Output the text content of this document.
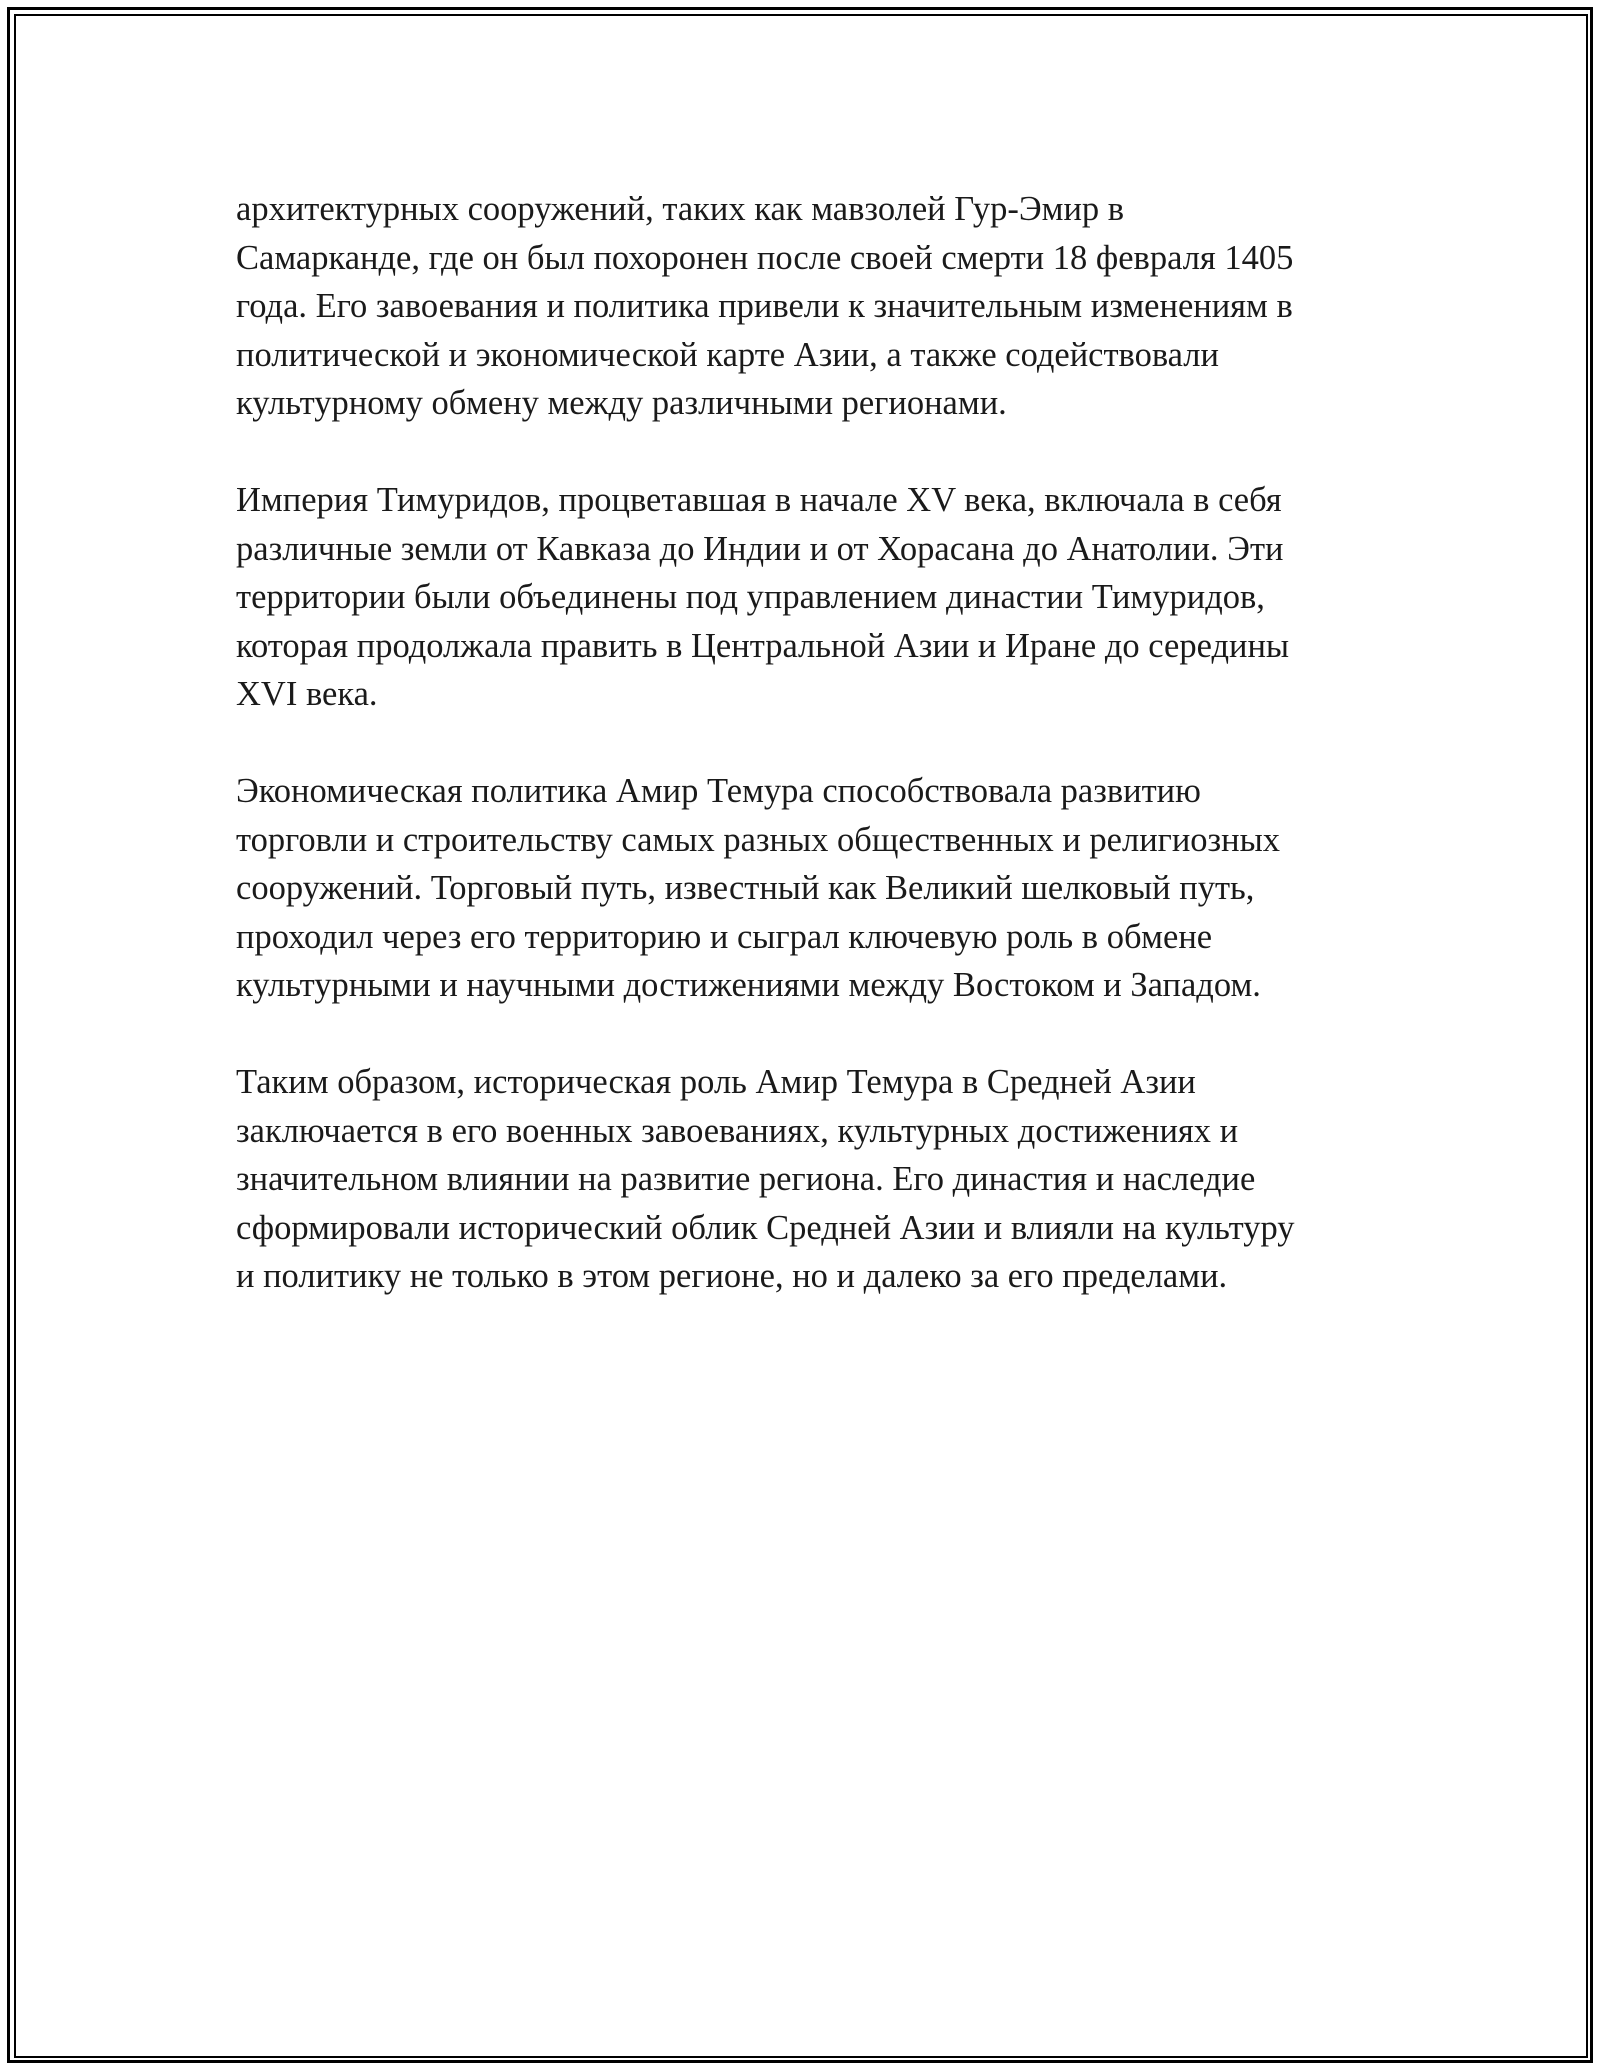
архитектурных сооружений, таких как мавзолей Гур-Эмир в
Самарканде, где он был похоронен после своей смерти 18 февраля 1405
года. Его завоевания и политика привели к значительным изменениям в
политической и экономической карте Азии, а также содействовали
культурному обмену между различными регионами.

Империя Тимуридов, процветавшая в начале XV века, включала в себя
различные земли от Кавказа до Индии и от Хорасана до Анатолии. Эти
территории были объединены под управлением династии Тимуридов,
которая продолжала править в Центральной Азии и Иране до середины
XVI века.

Экономическая политика Амир Темура способствовала развитию
торговли и строительству самых разных общественных и религиозных
сооружений. Торговый путь, известный как Великий шелковый путь,
проходил через его территорию и сыграл ключевую роль в обмене
культурными и научными достижениями между Востоком и Западом.

Таким образом, историческая роль Амир Темура в Средней Азии
заключается в его военных завоеваниях, культурных достижениях и
значительном влиянии на развитие региона. Его династия и наследие
сформировали исторический облик Средней Азии и влияли на культуру
и политику не только в этом регионе, но и далеко за его пределами.
